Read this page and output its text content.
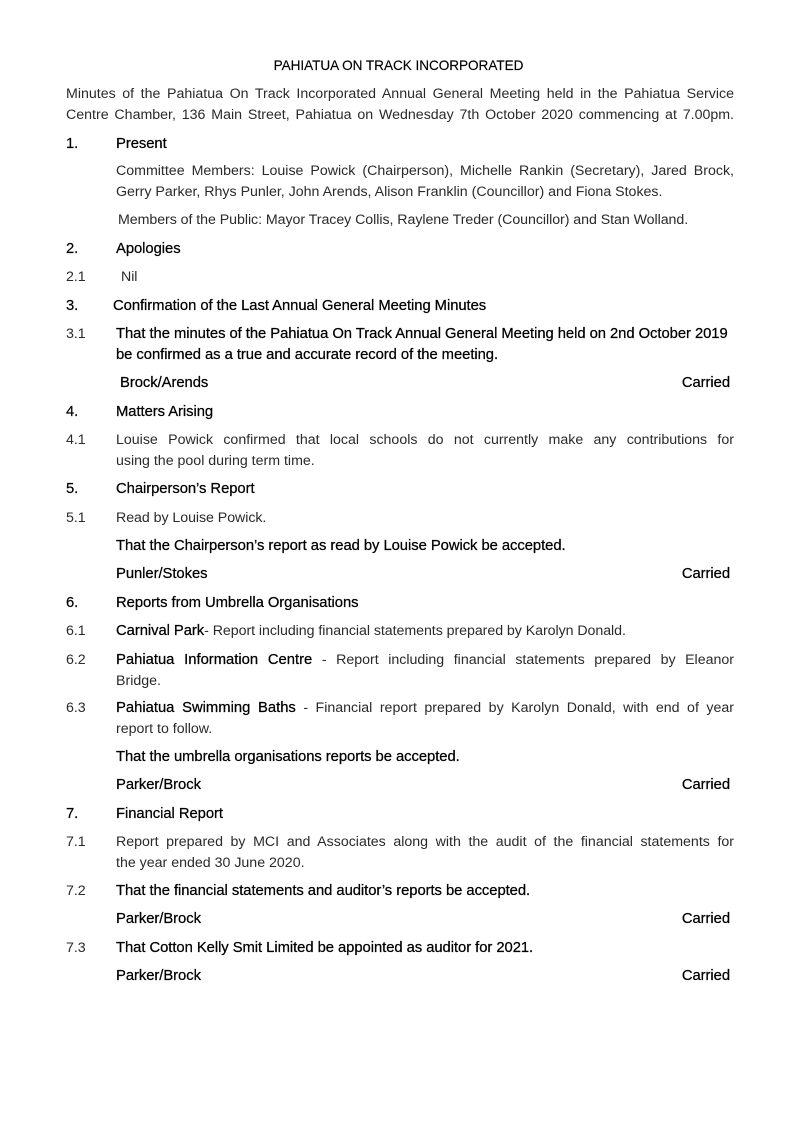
PAHIATUA ON TRACK INCORPORATED
Minutes of the Pahiatua On Track Incorporated Annual General Meeting held in the Pahiatua Service
Centre Chamber, 136 Main Street, Pahiatua on Wednesday 7th October 2020 commencing at 7.00pm.
1.	Present
Committee Members: Louise Powick (Chairperson), Michelle Rankin (Secretary), Jared Brock,
Gerry Parker, Rhys Punler, John Arends, Alison Franklin (Councillor) and Fiona Stokes.
Members of the Public: Mayor Tracey Collis, Raylene Treder (Councillor) and Stan Wolland.
2.	Apologies
2.1 Nil
3. Confirmation of the Last Annual General Meeting Minutes
3.1 That the minutes of the Pahiatua On Track Annual General Meeting held on 2nd October 2019
be confirmed as a true and accurate record of the meeting.
Brock/Arends	Carried
4.	Matters Arising
4.1 Louise Powick confirmed that local schools do not currently make any contributions for
using the pool during term time.
5.	Chairperson’s Report
5.1 Read by Louise Powick.
That the Chairperson’s report as read by Louise Powick be accepted.
Punler/Stokes	Carried
6.	Reports from Umbrella Organisations
6.1 Carnival Park- Report including financial statements prepared by Karolyn Donald.
6.2 Pahiatua Information Centre - Report including financial statements prepared by Eleanor
Bridge.
6.3 Pahiatua Swimming Baths - Financial report prepared by Karolyn Donald, with end of year
report to follow.
That the umbrella organisations reports be accepted.
Parker/Brock	Carried
7.	Financial Report
7.1 Report prepared by MCI and Associates along with the audit of the financial statements for
the year ended 30 June 2020.
7.2 That the financial statements and auditor’s reports be accepted.
Parker/Brock	Carried
7.3 That Cotton Kelly Smit Limited be appointed as auditor for 2021.
Parker/Brock	Carried
